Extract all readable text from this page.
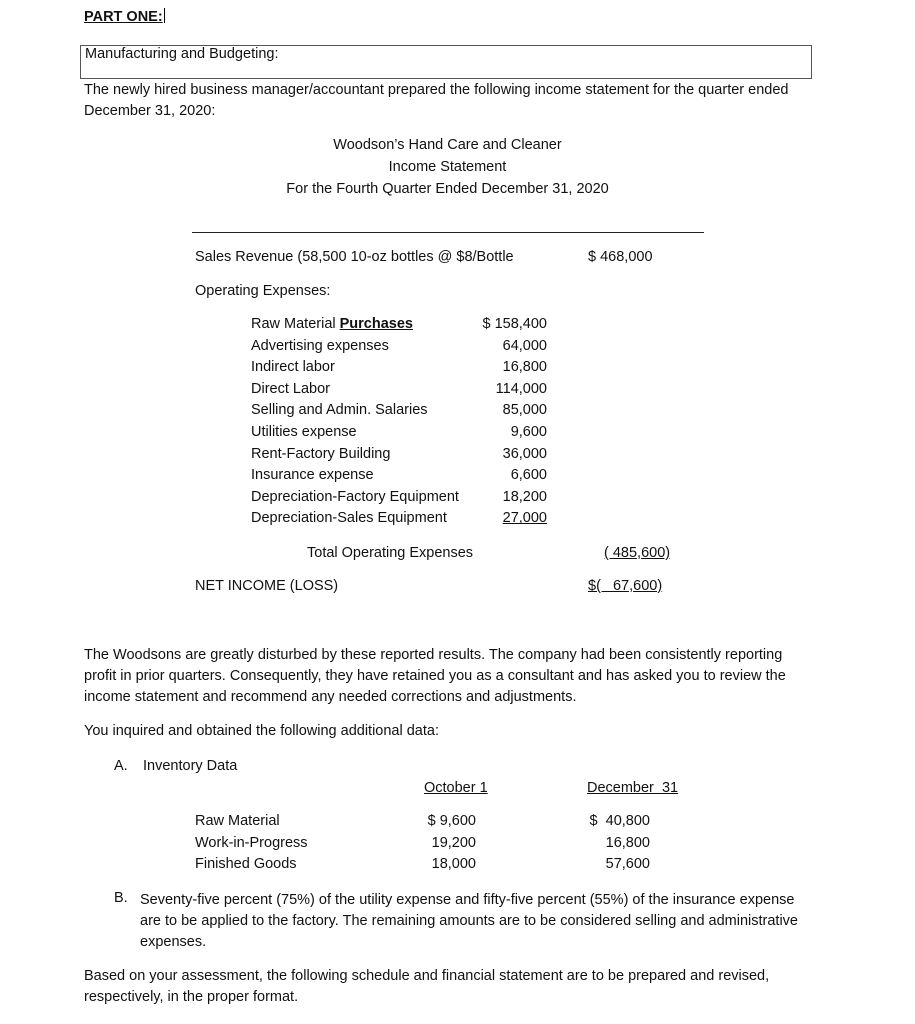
PART ONE:
Manufacturing and Budgeting:
The newly hired business manager/accountant prepared the following income statement for the quarter ended December 31, 2020:
Woodson’s Hand Care and Cleaner
Income Statement
For the Fourth Quarter Ended December 31, 2020
Sales Revenue (58,500 10-oz bottles @ $8/Bottle	$ 468,000
Operating Expenses:
Raw Material Purchases	$ 158,400
Advertising expenses	64,000
Indirect labor	16,800
Direct Labor	114,000
Selling and Admin. Salaries	85,000
Utilities expense	9,600
Rent-Factory Building	36,000
Insurance expense	6,600
Depreciation-Factory Equipment	18,200
Depreciation-Sales Equipment	27,000
Total Operating Expenses	( 485,600)
NET INCOME (LOSS)	$(   67,600)
The Woodsons are greatly disturbed by these reported results. The company had been consistently reporting profit in prior quarters. Consequently, they have retained you as a consultant and has asked you to review the income statement and recommend any needed corrections and adjustments.
You inquired and obtained the following additional data:
A. Inventory Data
October 1	December  31
Raw Material	$ 9,600	$  40,800
Work-in-Progress	19,200	16,800
Finished Goods	18,000	57,600
B. Seventy-five percent (75%) of the utility expense and fifty-five percent (55%) of the insurance expense are to be applied to the factory. The remaining amounts are to be considered selling and administrative expenses.
Based on your assessment, the following schedule and financial statement are to be prepared and revised, respectively, in the proper format.
